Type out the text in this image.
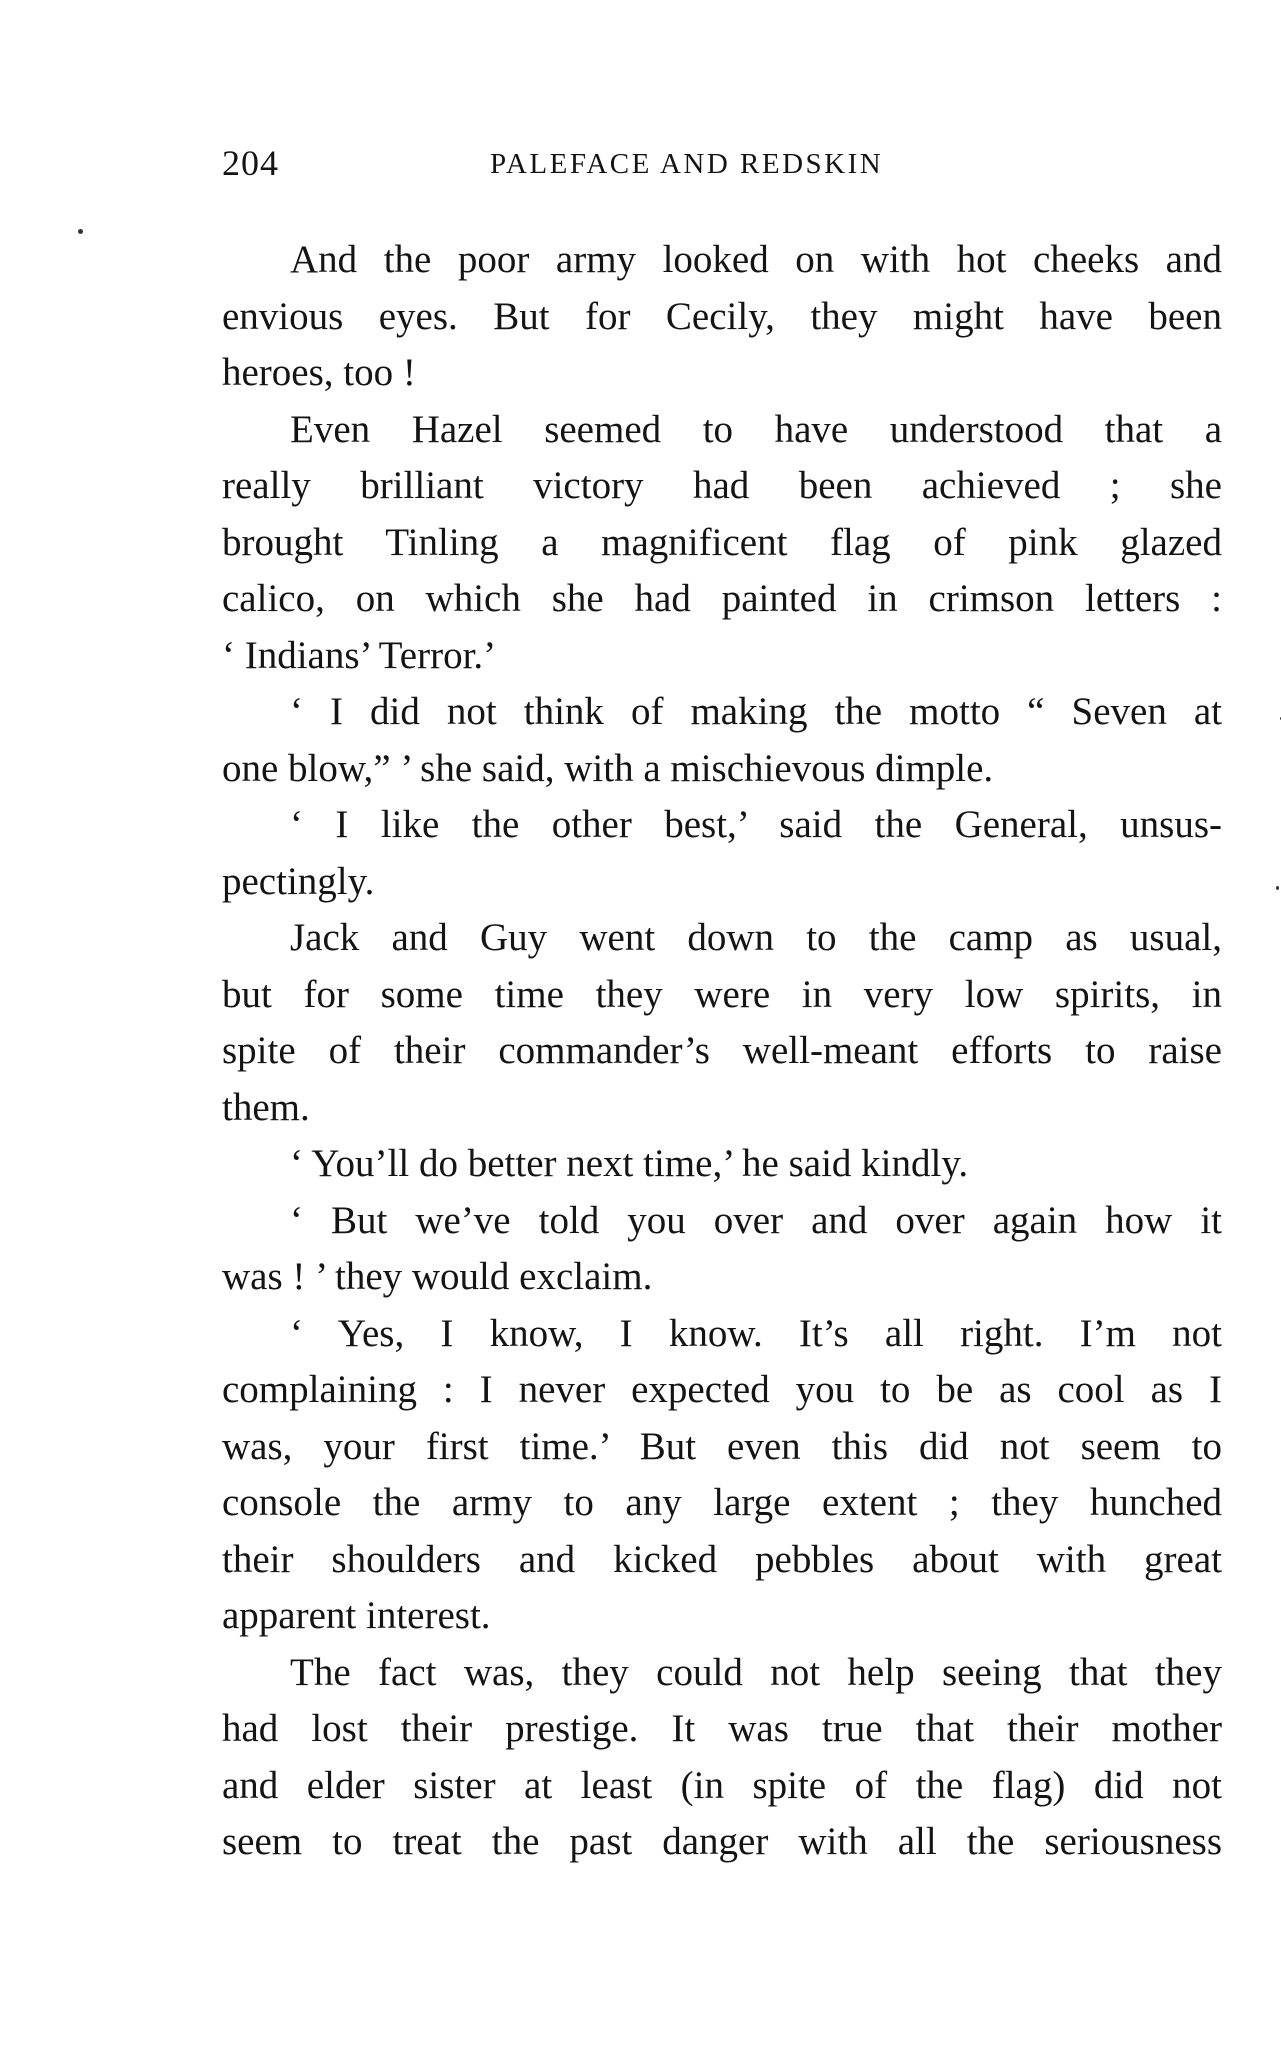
204	PALEFACE AND REDSKIN
And the poor army looked on with hot cheeks and
envious eyes. But for Cecily, they might have been
heroes, too !
Even Hazel seemed to have understood that a
really brilliant victory had been achieved ; she
brought Tinling a magnificent flag of pink glazed
calico, on which she had painted in crimson letters :
‘ Indians’ Terror.’
‘ I did not think of making the motto “ Seven at
one blow,” ’ she said, with a mischievous dimple.
‘ I like the other best,’ said the General, unsus-
pectingly.
Jack and Guy went down to the camp as usual,
but for some time they were in very low spirits, in
spite of their commander’s well-meant efforts to raise
them.
‘ You’ll do better next time,’ he said kindly.
‘ But we’ve told you over and over again how it
was ! ’ they would exclaim.
‘ Yes, I know, I know. It’s all right. I’m not
complaining : I never expected you to be as cool as I
was, your first time.’ But even this did not seem to
console the army to any large extent ; they hunched
their shoulders and kicked pebbles about with great
apparent interest.
The fact was, they could not help seeing that they
had lost their prestige. It was true that their mother
and elder sister at least (in spite of the flag) did not
seem to treat the past danger with all the seriousness
